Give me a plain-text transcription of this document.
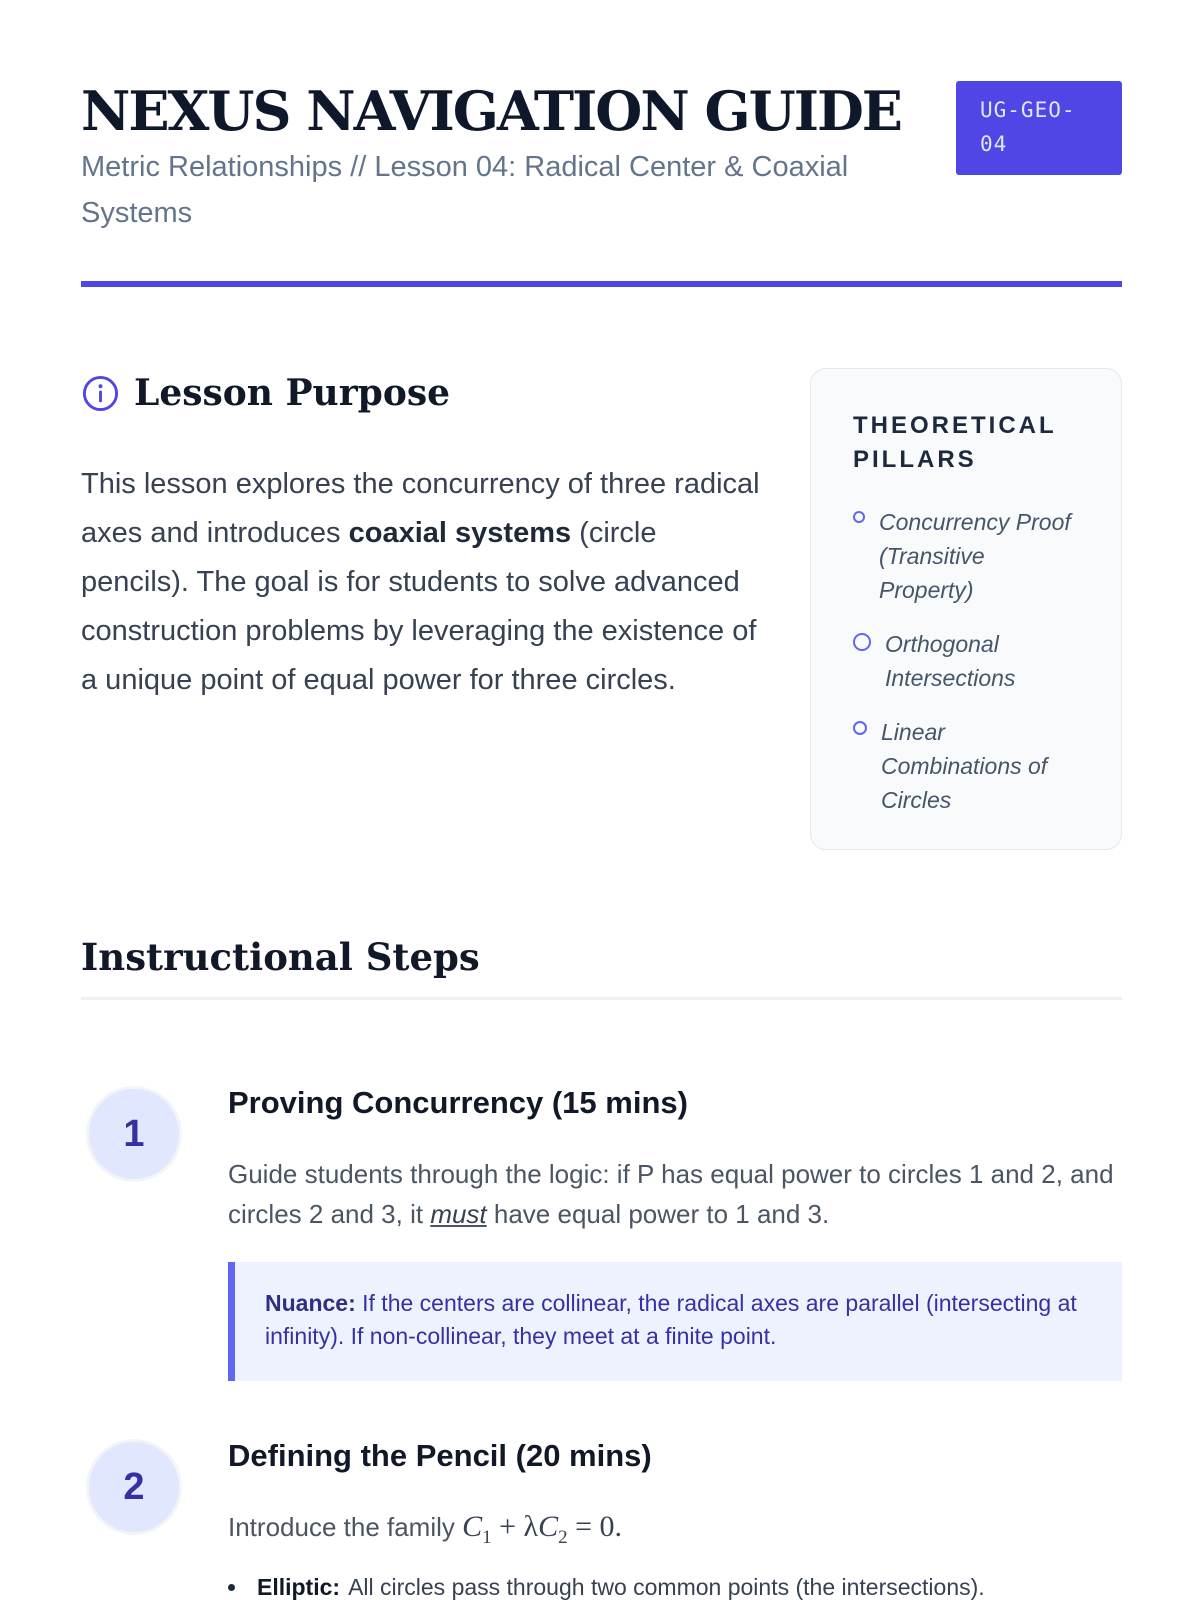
NEXUS NAVIGATION GUIDE
Metric Relationships // Lesson 04: Radical Center & Coaxial Systems
UG-GEO-
04
Lesson Purpose

This lesson explores the concurrency of three radical axes and introduces coaxial systems (circle pencils). The goal is for students to solve advanced construction problems by leveraging the existence of a unique point of equal power for three circles.

THEORETICAL PILLARS
Concurrency Proof (Transitive Property)
Orthogonal Intersections
Linear Combinations of Circles
Instructional Steps
1
Proving Concurrency (15 mins)

Guide students through the logic: if P has equal power to circles 1 and 2, and circles 2 and 3, it must have equal power to 1 and 3.

Nuance: If the centers are collinear, the radical axes are parallel (intersecting at infinity). If non-collinear, they meet at a finite point.
2
Defining the Pencil (20 mins)

Introduce the family $C_1 + \lambda C_2 = 0$.

Elliptic: All circles pass through two common points (the intersections).
